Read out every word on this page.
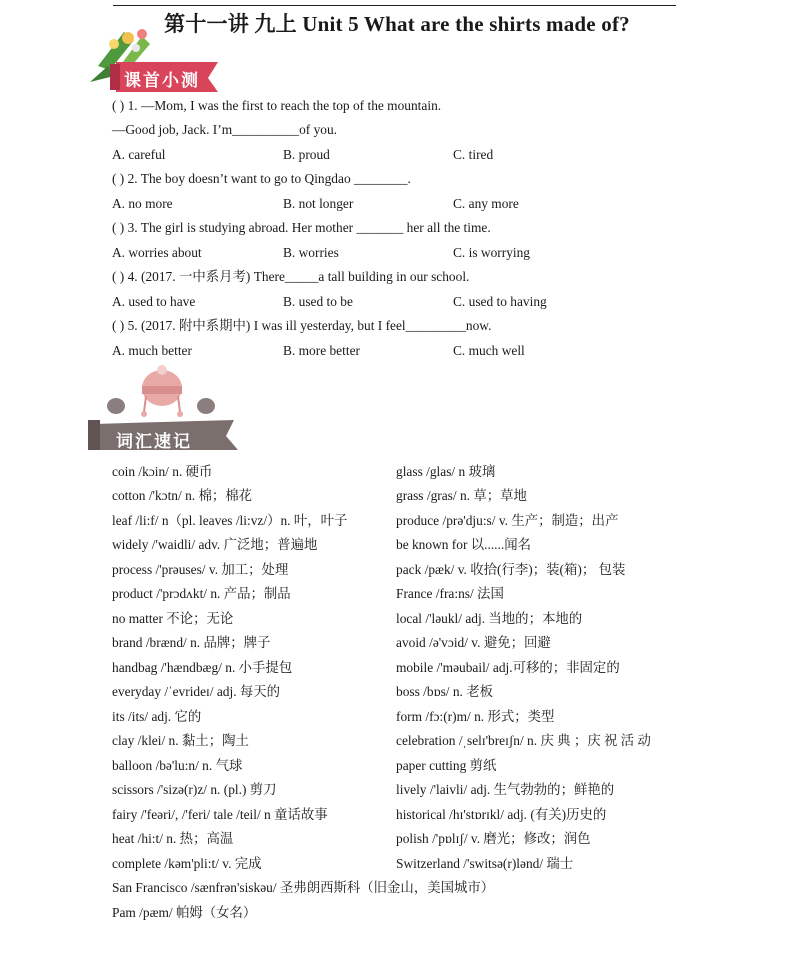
第十一讲 九上 Unit 5 What are the shirts made of?
课首小测
( ) 1. —Mom, I was the first to reach the top of the mountain.
—Good job, Jack. I’m__________of you.
A. careful	B. proud	C. tired
( ) 2. The boy doesn’t want to go to Qingdao ________.
A. no more	B. not longer	C. any more
( ) 3. The girl is studying abroad. Her mother _______ her all the time.
A. worries about	B. worries	C. is worrying
( ) 4. (2017. 一中系月考) There_____a tall building in our school.
A. used to have	B. used to be	C. used to having
( ) 5. (2017. 附中系期中) I was ill yesterday, but I feel_________now.
A. much better	B. more better	C. much well
词汇速记
coin /kɔin/ n. 硬币
cotton /'kɔtn/ n. 棉；棉花
leaf /li:f/ n（pl. leaves /li:vz/）n. 叶，叶子
widely /'waidli/ adv. 广泛地；普遍地
process /'prəuses/ v. 加工；处理
product /'prɔdʌkt/ n. 产品；制品
no matter 不论；无论
brand /brænd/ n. 品牌；牌子
handbag /'hændbæg/ n. 小手提包
everyday /ˈevrideɪ/ adj. 每天的
its /its/ adj. 它的
clay /klei/ n. 黏土；陶土
balloon /bə'lu:n/ n. 气球
scissors /'sizə(r)z/ n. (pl.) 剪刀
fairy /'feəri/, /'feri/ tale /teil/ n 童话故事
heat /hi:t/ n. 热；高温
complete /kəm'pli:t/ v. 完成
glass /glas/ n 玻璃
grass /gras/ n. 草；草地
produce /prə'dju:s/ v. 生产；制造；出产
be known for 以......闻名
pack /pæk/ v. 收拾(行李)；装(箱)； 包装
France /fra:ns/ 法国
local /'ləukl/ adj. 当地的；本地的
avoid /ə'vɔid/ v. 避免；回避
mobile /'məubail/ adj.可移的；非固定的
boss /bɒs/ n. 老板
form /fɔ:(r)m/ n. 形式；类型
celebration /ˌselɪ'breɪʃn/ n. 庆 典 ；庆 祝 活 动
paper cutting 剪纸
lively /'laivli/ adj. 生气勃勃的；鲜艳的
historical /hɪ'stɒrɪkl/ adj. (有关)历史的
polish /'pɒlɪʃ/ v. 磨光；修改；润色
Switzerland /'switsə(r)lənd/ 瑞士
San Francisco /sænfrən'siskəu/ 圣弗朗西斯科（旧金山，美国城市）
Pam /pæm/ 帕姆（女名）
